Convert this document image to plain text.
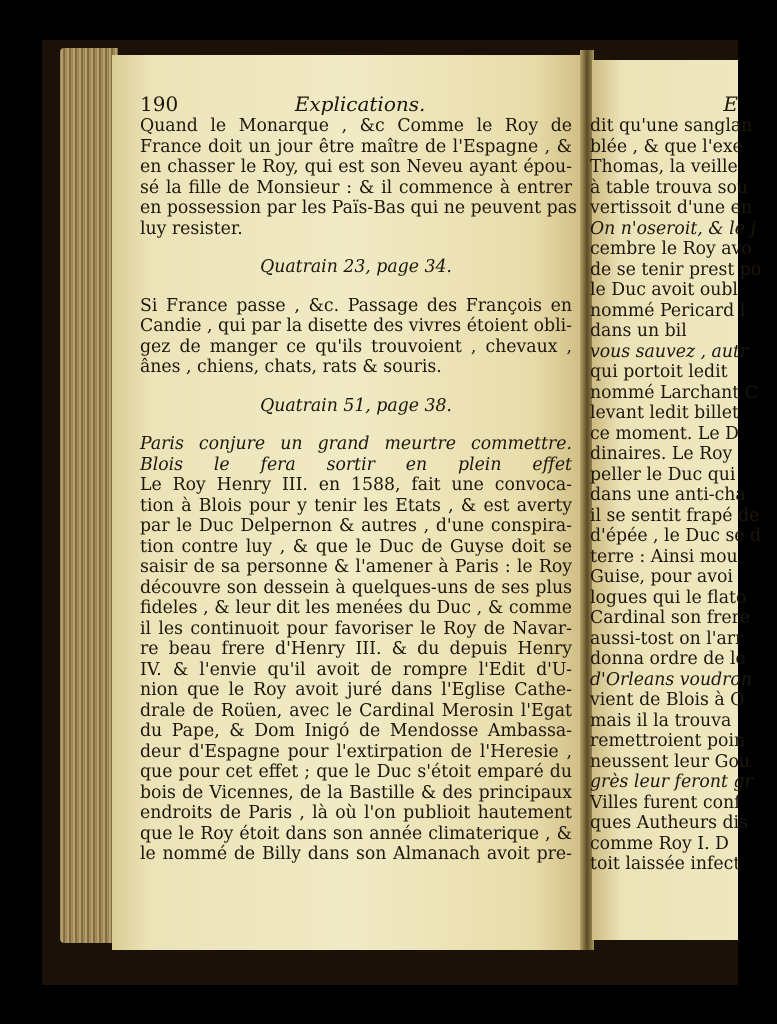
190	Explications.
Quand le Monarque , &c Comme le Roy de
France doit un jour être maître de l'Espagne , &
en chasser le Roy, qui est son Neveu ayant épou-
sé la fille de Monsieur : & il commence à entrer
en possession par les Païs-Bas qui ne peuvent pas
luy resister.
Quatrain 23, page 34.
Si France passe , &c. Passage des François en
Candie , qui par la disette des vivres étoient obli-
gez de manger ce qu'ils trouvoient , chevaux ,
ânes , chiens, chats, rats & souris.
Quatrain 51, page 38.
Paris conjure un grand meurtre commettre.
Blois le fera sortir en plein effet
Le Roy Henry III. en 1588, fait une convoca-
tion à Blois pour y tenir les Etats , & est averty
par le Duc Delpernon & autres , d'une conspira-
tion contre luy , & que le Duc de Guyse doit se
saisir de sa personne & l'amener à Paris : le Roy
découvre son dessein à quelques-uns de ses plus
fideles , & leur dit les menées du Duc , & comme
il les continuoit pour favoriser le Roy de Navar-
re beau frere d'Henry III. & du depuis Henry
IV. & l'envie qu'il avoit de rompre l'Edit d'U-
nion que le Roy avoit juré dans l'Eglise Cathe-
drale de Roüen, avec le Cardinal Merosin l'Egat
du Pape, & Dom Inigó de Mendosse Ambassa-
deur d'Espagne pour l'extirpation de l'Heresie ,
que pour cet effet ; que le Duc s'étoit emparé du
bois de Vicennes, de la Bastille & des principaux
endroits de Paris , là où l'on publioit hautement
que le Roy étoit dans son année climaterique , &
le nommé de Billy dans son Almanach avoit pre-
E
dit qu'une sanglan
blée , & que l'exe
Thomas, la veille
à table trouva sou
vertissoit d'une en
On n'oseroit, & le j
cembre le Roy avo
de se tenir prest po
le Duc avoit oubl
nommé Pericard l
dans un bil
vous sauvez , autr
qui portoit ledit
nommé Larchant C
levant ledit billet
ce moment. Le D
dinaires. Le Roy
peller le Duc qui
dans une anti-cha
il se sentit frapé de
d'épée , le Duc se d
terre : Ainsi mou
Guise, pour avoi
logues qui le flato
Cardinal son frere
aussi-tost on l'arr
donna ordre de le
d'Orleans voudron
vient de Blois à O
mais il la trouva
remettroient poin
neussent leur Gou
grès leur feront gr
Villes furent conf
ques Autheurs dis
comme Roy I. D
toit laissée infect
